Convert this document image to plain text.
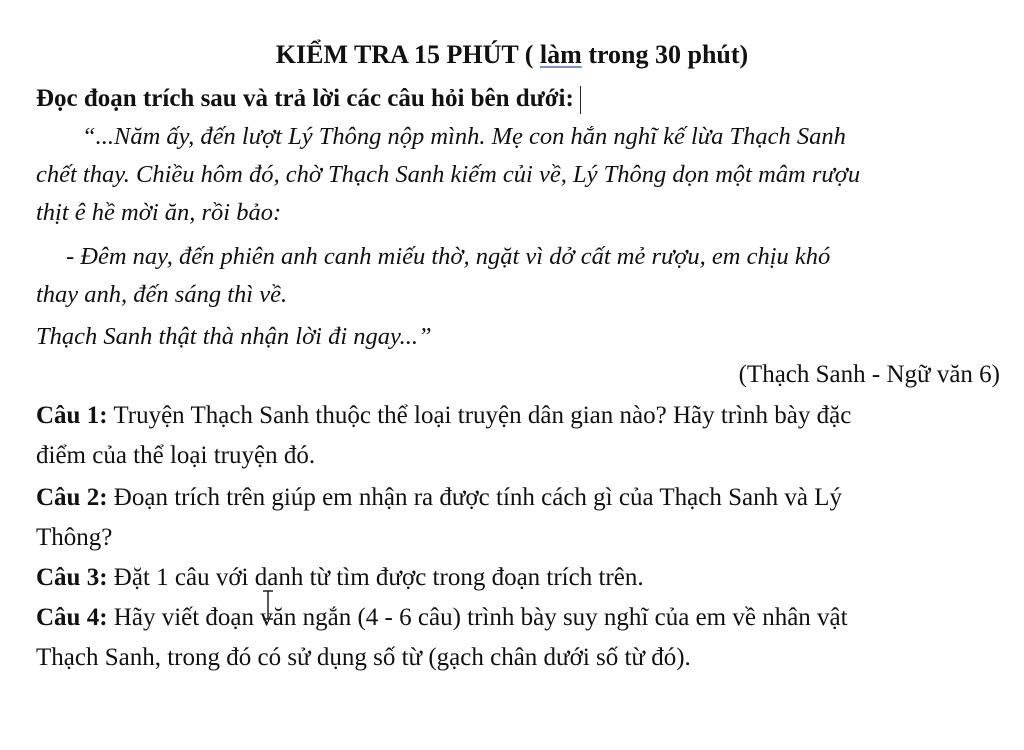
KIỂM TRA 15 PHÚT ( làm trong 30 phút)
Đọc đoạn trích sau và trả lời các câu hỏi bên dưới:
“...Năm ấy, đến lượt Lý Thông nộp mình. Mẹ con hắn nghĩ kế lừa Thạch Sanh
chết thay. Chiều hôm đó, chờ Thạch Sanh kiếm củi về, Lý Thông dọn một mâm rượu
thịt ê hề mời ăn, rồi bảo:
- Đêm nay, đến phiên anh canh miếu thờ, ngặt vì dở cất mẻ rượu, em chịu khó
thay anh, đến sáng thì về.
Thạch Sanh thật thà nhận lời đi ngay...”
(Thạch Sanh - Ngữ văn 6)
Câu 1: Truyện Thạch Sanh thuộc thể loại truyện dân gian nào? Hãy trình bày đặc
điểm của thể loại truyện đó.
Câu 2: Đoạn trích trên giúp em nhận ra được tính cách gì của Thạch Sanh và Lý
Thông?
Câu 3: Đặt 1 câu với danh từ tìm được trong đoạn trích trên.
Câu 4: Hãy viết đoạn văn ngắn (4 - 6 câu) trình bày suy nghĩ của em về nhân vật
Thạch Sanh, trong đó có sử dụng số từ (gạch chân dưới số từ đó).
